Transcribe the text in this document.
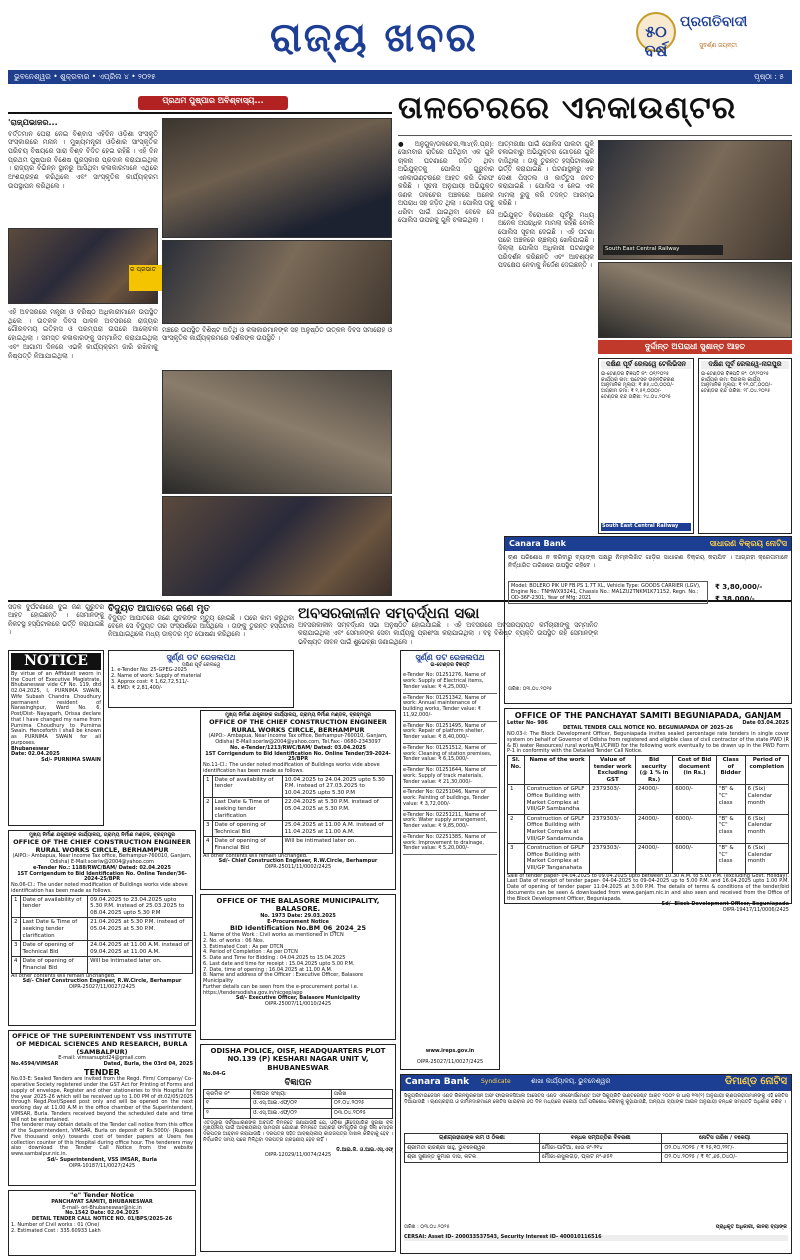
ରାଜ୍ୟ ଖବର	୫୦ ବର୍ଷ	ସୁବର୍ଣ୍ଣ ଜୟନ୍ତୀ
ପ୍ରଗତିବାଦୀ
ଭୁବନେଶ୍ୱର • ଶୁକ୍ରବାର • ଏପ୍ରିଲ ୪ • ୨୦୨୫	ପୃଷ୍ଠା : ୫
ପ୍ରଥମ ପୁଷ୍ପାର ଅବିଶ୍ବାସ୍ୟ...
'ରାଜ୍ଯଭାଜର...
ବର୍ତ୍ତମାନ ଘେରା ନେଇ ବିଶ୍ବାସ ଏହିଦିନ ଓଡ଼ିଶା ସଂସ୍କୃତି ସଂସ୍କାରରେ ମନାନ । ମୁଖ୍ୟମନ୍ତ୍ରୀ ଓଡ଼ିଶାର ସାଂସ୍କୃତିକ ପରିଚୟ ବିଷୟରେ ସାରା ବିଶ୍ବ ବିଦିତ ହେଇ ରହିଛି । ଏହି ଦିନ ପ୍ରଥମ ପୁଷ୍ପାର ବିଶେଷ ପୁରସ୍କାର ପ୍ରଦାନ କରାଯାଇଥିଲା । ରାଜ୍ୟର ବିଭିନ୍ନ ସ୍ଥାନରୁ ଆସିଥିବା କଳାକାରମାନେ ଏଥିରେ ଅଂଶଗ୍ରହଣ କରିଥିଲେ ଏବଂ ସାଂସ୍କୃତିକ କାର୍ଯ୍ୟକ୍ରମ ଉପସ୍ଥାପନ କରିଥିଲେ ।
ର ପ୍ରଭାତ
ଏହି ଅବସରରେ ମନ୍ତ୍ରୀ ଓ ବରିଷ୍ଠ ଅଧିକାରୀମାନେ ଉପସ୍ଥିତ ଥିଲେ । ଉତ୍କଳ ଦିବସ ପାଳନ ଅବସରରେ ରାଜ୍ୟର ଗୌରବମୟ ଇତିହାସ ଓ ପରମ୍ପରା ଉପରେ ଆଲୋଚନା ହୋଇଥିଲା । ସମସ୍ତ କଳାକାରଙ୍କୁ ସମ୍ମାନିତ କରାଯାଇଥିଲା ଏବଂ ଆଗାମୀ ଦିନରେ ଏଭଳି କାର୍ଯ୍ୟକ୍ରମ ଜାରି ରଖିବାକୁ ନିଷ୍ପତ୍ତି ନିଆଯାଇଥିଲା ।
ମଞ୍ଚରେ ଉପସ୍ଥିତ ବିଶିଷ୍ଟ ଅତିଥି ଓ କଳାକାରମାନଙ୍କ ସହ ଅନୁଷ୍ଠିତ ଉତ୍କଳ ଦିବସ ସମାରୋହ ଓ ସାଂସ୍କୃତିକ କାର୍ଯ୍ୟକ୍ରମରେ ଦର୍ଶକଙ୍କ ଉପସ୍ଥିତି ।
ତାଳଚେରରେ ଏନକାଉଣ୍ଟର
● ଅନୁଗୁଳ/ତାଳଚେର,୩ା୪(ନି.ପ୍ର): ସୋମବାର ରାତିରେ ଘଟିଥିବା ଏକ ଗୁଳି ଚାଳନା ଘଟଣାରେ ଜଡ଼ିତ ଥିବା ଅଭିଯୁକ୍ତକୁ ପୋଲିସ ଗୁରୁବାର ଏନକାଉଣ୍ଟରରେ ଆହତ କରି ଗିରଫ କରିଛି । ସୂଚନା ଅନୁଯାୟୀ ଅଭିଯୁକ୍ତ ଜଣକ ତାଳଚେର ଅଞ୍ଚଳରେ ଅନେକ ଅପରାଧ ସହ ଜଡ଼ିତ ଥିଲା । ପୋଲିସ ତାକୁ ଧରିବା ପାଇଁ ଯାଇଥିବା ବେଳେ ସେ ପୋଲିସ ଉପରକୁ ଗୁଳି ଚଳାଇଥିଲା ।
ଆତ୍ମରକ୍ଷା ପାଇଁ ପୋଲିସ ପାଲଟା ଗୁଳି ଚଳାଇବାରୁ ଅଭିଯୁକ୍ତର ଗୋଡ଼ରେ ଗୁଳି ବାଜିଥିଲା । ତାକୁ ତୁରନ୍ତ ହସ୍ପିଟାଲରେ ଭର୍ତ୍ତି କରାଯାଇଛି । ଘଟଣାସ୍ଥଳରୁ ଏକ ଦେଶୀ ପିସ୍ତଲ ଓ କାର୍ତ୍ତୁସ ଜବତ କରାଯାଇଛି । ପୋଲିସ ଏ ନେଇ ଏକ ମାମଲା ରୁଜୁ କରି ତଦନ୍ତ ଆରମ୍ଭ କରିଛି ।
ଅଭିଯୁକ୍ତ ବିରୋଧରେ ପୂର୍ବରୁ ମଧ୍ୟ ଅନେକ ଅପରାଧିକ ମାମଲା ରହିଛି ବୋଲି ପୋଲିସ ସୂଚନା ଦେଇଛି । ଏହି ଘଟଣା ପରେ ଅଞ୍ଚଳରେ ଚାଞ୍ଚଲ୍ୟ ଖେଳିଯାଇଛି । ଜିଲ୍ଲା ପୋଲିସ ଅଧିକାରୀ ଘଟଣାସ୍ଥଳ ପରିଦର୍ଶନ କରିଛନ୍ତି ଏବଂ ଆବଶ୍ୟକ ପଦକ୍ଷେପ ନେବାକୁ ନିର୍ଦ୍ଦେଶ ଦେଇଛନ୍ତି ।
South East Central Railway
ଦୁର୍ଦ୍ଦାନ୍ତ ଅପରାଧୀ ସୁଶାନ୍ତ ଆହତ
ଦକ୍ଷିଣ ପୂର୍ବ ରେଲୱେ ଟେଲିଭିସନ
ଇ-ଟେଣ୍ଡର ବିଜ୍ଞପ୍ତି ନଂ: ୦୧/୨୦୨୫
କାର୍ଯ୍ୟର ନାମ: ଷ୍ଟେସନ ଉନ୍ନତିକରଣ
ଆନୁମାନିକ ମୂଲ୍ୟ: ₹ ୭୫,୪୦,୦୦୦/-
ଅଗ୍ରୀମ ଜମା: ₹ ୧,୫୧,୦୦୦/-
ଟେଣ୍ଡର ବନ୍ଦ ତାରିଖ: ୨୪.୦୪.୨୦୨୫
South East Central Railway
ଦକ୍ଷିଣ ପୂର୍ବ ରେଲୱେ-ନାଗପୁର
ଇ-ଟେଣ୍ଡର ବିଜ୍ଞପ୍ତି ନଂ: ୦୨/୨୦୨୫
କାର୍ଯ୍ୟର ନାମ: ସିଗନାଲ କାର୍ଯ୍ୟ
ଆନୁମାନିକ ମୂଲ୍ୟ: ₹ ୧୨,୦୮,୦୦୦/-
ଟେଣ୍ଡର ବନ୍ଦ ତାରିଖ: ୨୮.୦୪.୨୦୨୫
ସଡ଼କ ଦୁର୍ଘଟଣାରେ ଦୁଇ ଜଣ ଗୁରୁତର ଆହତ ହୋଇଛନ୍ତି । ସେମାନଙ୍କୁ ନିକଟସ୍ଥ ହସ୍ପିଟାଲରେ ଭର୍ତ୍ତି କରାଯାଇଛି ।
ବିଦ୍ୟୁତ ଆଘାତରେ ଜଣେ ମୃତ
ବିଦ୍ୟୁତ ଆଘାତରେ ଜଣେ ଯୁବକଙ୍କ ମୃତ୍ୟୁ ହୋଇଛି । ଘରେ କାମ କରୁଥିବା ବେଳେ ସେ ବିଦ୍ୟୁତ ତାର ସଂସ୍ପର୍ଶରେ ଆସିଥିଲେ । ତାଙ୍କୁ ତୁରନ୍ତ ହସ୍ପିଟାଲ ନିଆଯାଇଥିଲେ ମଧ୍ୟ ଡାକ୍ତର ମୃତ ଘୋଷଣା କରିଥିଲେ ।
ଅବସରକାଳୀନ ସମ୍ବର୍ଦ୍ଧନା ସଭା
ଅବସରକାଳୀନ ସମ୍ବର୍ଦ୍ଧନା ସଭା ଅନୁଷ୍ଠିତ ହୋଇଯାଇଛି । ଏହି ଅବସରରେ ଅବସରପ୍ରାପ୍ତ କର୍ମଚାରୀଙ୍କୁ ସମ୍ମାନିତ କରାଯାଇଥିଲା ଏବଂ ସେମାନଙ୍କ ସେବା କାର୍ଯ୍ୟକୁ ପ୍ରଶଂସା କରାଯାଇଥିଲା । ବହୁ ବିଶିଷ୍ଟ ବ୍ୟକ୍ତି ଉପସ୍ଥିତ ରହି ସେମାନଙ୍କ ଭବିଷ୍ୟତ ଜୀବନ ପାଇଁ ଶୁଭେଚ୍ଛା ଜଣାଇଥିଲେ ।
Canara Bank	ସାଧାରଣ ବିକ୍ରୟ ନୋଟିସ
ଋଣ ପରିଶୋଧ ନ କରିବାରୁ ବ୍ୟାଙ୍କ ପକ୍ଷରୁ ନିମ୍ନଲିଖିତ ଗାଡ଼ିର ସାଧାରଣ ବିକ୍ରୟ କରାଯିବ । ଆଗ୍ରହୀ କ୍ରେତାମାନେ ନିର୍ଦ୍ଧାରିତ ତାରିଖରେ ଉପସ୍ଥିତ ରହିବେ ।
Model: BOLERO PIK UP FB PS 1.7T XL, Vehicle Type: GOODS CARRIER (LGV), Engine No.: TNHWX93241, Chassis No.: MA1ZU2TNKM1K71152, Regn. No.: OD-36F-2301, Year of Mfg: 2021
₹ 3,80,000/-
₹ 38,000/-
ତାରିଖ: ୦୩.୦୪.୨୦୨୫
NOTICE
By virtue of an Affidavit sworn in the Court of Executive Magistrate, Bhubaneswar vide CF No. 119, dtd 02.04.2025, I, PURNIMA SWAIN, Wife Subash Chandra Choudhury permanent resident of Narasinghpur, Ward No. 6, Post/Dist- Nayagarh, Orissa declare that I have changed my name from Purnima Choudhury to Purnima Swain. Henceforth I shall be known as PURNIMA SWAIN for all purposes.
Bhubaneswar
Date: 02.04.2025
Sd/- PURNIMA SWAIN
ସୁର୍ଣ୍ଣ ଡଟ ରେଜଲପଥ
ଦକ୍ଷିଣ ପୂର୍ବ ରେଲୱେ
1. e-Tender No: 25-GPEG-2025
2. Name of work: Supply of material
3. Approx cost: ₹ 1,62,72,511/-
4. EMD: ₹ 2,81,400/-
ମୁଖ୍ୟ ନିର୍ମାଣ ଯନ୍ତ୍ରୀଙ୍କ କାର୍ଯ୍ୟାଳୟ, ଗ୍ରାମ୍ୟ ନିର୍ମାଣ ମଣ୍ଡଳ, ବ୍ରହ୍ମପୁର
OFFICE OF THE CHIEF CONSTRUCTION ENGINEER RURAL WORKS CIRCLE, BERHAMPUR
(AIPO:- Ambapua, Near Income Tax office, Berhampur-760010, Ganjam, Odisha) E-Mail:scerlw@2004@yahoo.com, Tel.Fax:- 0680-2343097
No. e-Tender/1213/RWC/BAM/ Dated: 03.04.2025
1ST Corrigendum to Bid Identification No. Online Tender/39-2024-25/BPR
No.11-Cl.: The under noted modification of Buildings works vide above identification has been made as follows.
1	Date of availability of tender	10.04.2025 to 24.04.2025 upto 5.30 P.M. instead of 27.03.2025 to 10.04.2025 upto 5.30 P.M
2	Last Date & Time of seeking tender clarification	22.04.2025 at 5.30 P.M. instead of 05.04.2025 at 5.30 P.M.
3	Date of opening of Technical Bid	25.04.2025 at 11.00 A.M. instead of 11.04.2025 at 11.00 A.M.
4	Date of opening of Financial Bid	Will be intimated later on.
All other contents will remain unchanged.
Sd/- Chief Construction Engineer, R.W.Circle, Berhampur
OIPR-25011/11/0002/2425
ସୁର୍ଣ୍ଣ ଡଟ ରେଜଲପଥ
ଇ-ଟେଣ୍ଡର ବିଜ୍ଞପ୍ତି
e-Tender No: 01251276, Name of work: Supply of Electrical items, Tender value: ₹ 4,25,000/-
e-Tender No: 01251342, Name of work: Annual maintenance of building works, Tender value: ₹ 11,92,000/-
e-Tender No: 01251495, Name of work: Repair of platform shelter, Tender value: ₹ 8,40,000/-
e-Tender No: 01251512, Name of work: Cleaning of station premises, Tender value: ₹ 6,15,000/-
e-Tender No: 01251644, Name of work: Supply of track materials, Tender value: ₹ 21,30,000/-
e-Tender No: 02251046, Name of work: Painting of buildings, Tender value: ₹ 3,72,000/-
e-Tender No: 02251211, Name of work: Water supply arrangement, Tender value: ₹ 9,85,000/-
e-Tender No: 02251385, Name of work: Improvement to drainage, Tender value: ₹ 5,20,000/-
www.ireps.gov.in
OIPR-25027/11/0027/2425
ମୁଖ୍ୟ ନିର୍ମାଣ ଯନ୍ତ୍ରୀଙ୍କ କାର୍ଯ୍ୟାଳୟ, ଗ୍ରାମ୍ୟ ନିର୍ମାଣ ମଣ୍ଡଳ, ବ୍ରହ୍ମପୁର
OFFICE OF THE CHIEF CONSTRUCTION ENGINEER RURAL WORKS CIRCLE, BERHAMPUR
(AIPO:- Ambapua, Near Income Tax office, Berhampur-760010, Ganjam, Odisha) E-Mail:scerlw@2004@yahoo.com
e-Tender No.: 1188/RWC/BAM/ Dated: 02.04.2025
1ST Corrigendum to Bid Identification No. Online Tender/36-2024-25/BPR
No.06-Cl.: The under noted modification of Buildings works vide above identification has been made as follows.
1	Date of availability of tender	09.04.2025 to 23.04.2025 upto 5.30 P.M. instead of 25.03.2025 to 08.04.2025 upto 5.30 P.M
2	Last Date & Time of seeking tender clarification	21.04.2025 at 5.30 P.M. instead of 05.04.2025 at 5.30 P.M.
3	Date of opening of Technical Bid	24.04.2025 at 11.00 A.M. instead of 09.04.2025 at 11.00 A.M.
4	Date of opening of Financial Bid	Will be intimated later on.
All other contents will remain unchanged.
Sd/- Chief Construction Engineer, R.W.Circle, Berhampur
OIPR-25027/11/0027/2425
OFFICE OF THE BALASORE MUNICIPALITY, BALASORE.
No. 1973 Date: 29.03.2025
E-Procurement Notice
BID Identification No.BM_06_2024_25
1. Name of the Work : Civil works as mentioned in DTCN
2. No. of works : 06 Nos.
3. Estimated Cost : As per DTCN
4. Period of Completion : As per DTCN
5. Date and Time for Bidding : 04.04.2025 to 15.04.2025
6. Last date and time for receipt : 15.04.2025 upto 5.00 P.M.
7. Date, time of opening : 16.04.2025 at 11.00 A.M.
8. Name and address of the Officer : Executive Officer, Balasore Municipality
Further details can be seen from the e-procurement portal i.e. https://tendersodisha.gov.in/nicgep/app
Sd/- Executive Officer, Balasore Municipality
OIPR-25007/11/0010/2425
OFFICE OF THE PANCHAYAT SAMITI BEGUNIAPADA, GANJAM
Letter No- 986	Date 03.04.2025
DETAIL TENDER CALL NOTICE NO. BEGUNIAPADA OF 2025-26
NO.03-I: The Block Development Officer, Beguniapada invites sealed percentage rate tenders in single cover system on behalf of Governor of Odisha from registered and eligible class of civil contractor of the state PWD (R & B) water Resources/ rural works/M.I/CPWD for the following work eventually to be drawn up in the PWD Form P-1 in conformity with the Detailed Tender Call Notice.
Sl. No.	Name of the work	Value of tender work Excluding GST	Bid security (@ 1 % in Rs.)	Cost of Bid document (in Rs.)	Class of Bidder	Period of completion
1	Construction of GPLF Office Building with Market Complex at VIII/GP Sambandha	2379303/-	24000/-	6000/-	"B" & "C" class	6 (Six) Calendar month
2	Construction of GPLF Office Building with Market Complex at VIII/GP Sandamunda	2379303/-	24000/-	6000/-	"B" & "C" class	6 (Six) Calendar month
3	Construction of GPLF Office Building with Market Complex at VIII/GP Tanganahata	2379303/-	24000/-	6000/-	"B" & "C" class	6 (Six) Calendar month
Sale of tender paper- 04.04.2025 to 09.04.2025 upto between 10.30 A.M. to 5.00 P.M. (excluding Govt. Holiday). Last Date of receipt of tender paper- 04-04-2025 to 09-04-2025 up to 5.00 P.M. and 16.04.2025 upto 1.00 P.M. Date of opening of tender paper 11.04.2025 at 3.00 P.M. The details of terms & conditions of the tender/bid documents can be seen & downloaded from www.ganjam.nic.in and also seen and received from the Office of the Block Development Officer, Beguniapada.
Sd/- Block Development Officer, Beguniapada
OIPR-19417/11/0006/2425
OFFICE OF THE SUPERINTENDENT VSS INSTITUTE OF MEDICAL SCIENCES AND RESEARCH, BURLA (SAMBALPUR)
E-mail: vimsarsuptd24@gmail.com
No.4594/VIMSAR	Dated, Burla, the 03rd 04, 2025
TENDER
No.03-E: Sealed Tenders are invited from the Regd. Firm/ Company/ Co-operative Society registered under the GST Act for Printing of Forms and supply of envelope, Register and other stationeries to this Hospital for the year 2025-26 which will be received up to 1.00 PM of dt.02/05/2025 through Regd.Post/Speed post only and will be opened on the next working day at 11.00 A.M in the office chamber of the Superintendent, VIMSAR, Burla. Tenders received beyond the scheduled date and time will not be entertained.
The tenderer may obtain details of the Tender call notice from this office of the Superintendent, VIMSAR, Burla on deposit of Rs.5000/- (Rupees Five thousand only) towards cost of tender papers at Users fee collection counter of this Hospital during office hour. The tenderers may also download the Tender Call Notice from the website www.sambalpur.nic.in.
Sd/- Superintendent, VSS IMSAR, Burla
OIPR-10187/11/0027/2425
ODISHA POLICE, OISF, HEADQUARTERS PLOT NO.139 (P) KESHARI NAGAR UNIT V, BHUBANESWAR
No.04-G
ବିଜ୍ଞାପନ
କ୍ରମିକ ନଂ	ବିଜ୍ଞାପନ ସଂଖ୍ୟା	ତାରିଖ
୧	ଓ.ଏସ୍.ଆଇ.ଏଫ୍/୦୧	୦୨.୦୪.୨୦୨୫
୨	ଓ.ଏସ୍.ଆଇ.ଏଫ୍/୦୨	୦୩.୦୪.୨୦୨୫
ଏତଦ୍ୱାରା ସର୍ବସାଧାରଣଙ୍କ ଅବଗତି ନିମନ୍ତେ ଜଣାଯାଉଛି ଯେ, ଓଡ଼ିଶା ଔଦ୍ୟୋଗିକ ସୁରକ୍ଷା ବଳ ମୁଖ୍ୟାଳୟ ପାଇଁ ଆବଶ୍ୟକୀୟ ସାମଗ୍ରୀ ଯୋଗାଣ ନିମନ୍ତେ ଆଗ୍ରହୀ ଫର୍ମଗୁଡ଼ିକ ଠାରୁ ସିଲ୍ ମୋହର ଦରପତ୍ର ଆହ୍ବାନ କରାଯାଉଛି । ଦରପତ୍ର ସହିତ ଆବଶ୍ୟକୀୟ କାଗଜପତ୍ର ଦାଖଲ କରିବାକୁ ହେବ । ନିର୍ଦ୍ଧାରିତ ସମୟ ପରେ ମିଳିଥିବା ଦରପତ୍ର ଗ୍ରହଣୀୟ ହେବ ନାହିଁ ।
ଡି.ଆଇ.ଜି. ଓ.ଆଇ.ଏସ୍.ଏଫ୍
OIPR-12029/11/0074/2425
"e" Tender Notice
PANCHAYAT SAMITI, BHUBANESWAR
E-mail- ori-Bhubaneswar@nic.in
No.1542 Date: 02.04.2025
DETAIL TENDER CALL NOTICE NO. 01/BPS/2025-26
1. Number of Civil works : 01 (One)
2. Estimated Cost : 335.60933 Lakh
Canara Bank Syndicate	ଶାଖା କାର୍ଯ୍ୟାଳୟ, ଭୁବନେଶ୍ୱର	ଡିମାଣ୍ଡ ନୋଟିସ
ସିକ୍ୟୁରିଟାଇଜେସନ ଏଣ୍ଡ ରିକନଷ୍ଟ୍ରକସନ ଅଫ ଫାଇନାନସିଆଲ ଆସେଟସ ଏଣ୍ଡ ଏନଫୋର୍ସମେଣ୍ଟ ଅଫ ସିକ୍ୟୁରିଟି ଇଣ୍ଟରେଷ୍ଟ ଆକ୍ଟ ୨୦୦୨ ର ଧାରା ୧୩(୨) ଅନୁଯାୟୀ ଋଣଗ୍ରହୀତାମାନଙ୍କୁ ଏହି ନୋଟିସ ଦିଆଯାଉଛି । ଋଣଗ୍ରହୀତା ଓ ଜାମିନଦାରମାନେ ନୋଟିସ ପାଇବାର ୬୦ ଦିନ ମଧ୍ୟରେ ବକେୟା ଅର୍ଥ ପରିଶୋଧ କରିବାକୁ କୁହାଯାଉଛି, ଅନ୍ୟଥା ବ୍ୟାଙ୍କ ଆଇନ ଅନୁଯାୟୀ ବନ୍ଧକ ସମ୍ପତ୍ତି ଅଧିକାର କରିବ ।
ଋଣଗ୍ରହୀତାଙ୍କ ନାମ ଓ ଠିକଣା	ବନ୍ଧକ ସମ୍ପତ୍ତିର ବିବରଣୀ	ନୋଟିସ ତାରିଖ / ବକେୟା
ଶ୍ରୀମତୀ ରାଜଶ୍ରୀ ସାହୁ, ଭୁବନେଶ୍ୱର	ମୌଜା-ପାଟିଆ, ଖାତା ନଂ-୨୧୪	୦୨.୦୪.୨୦୨୫ / ₹ ୨୫,୧୦,୨୨୮/-
ଶ୍ରୀ ସୁଶାନ୍ତ କୁମାର ଦାସ, କଟକ	ମୌଜା-ରସୁଲଗଡ଼, ପ୍ଲଟ ନଂ-୬୫୧	୦୨.୦୪.୨୦୨୫ / ₹ ୧୮,୬୫,୦୪୦/-
ତାରିଖ : ୦୩.୦୪.୨୦୨୫
CERSAI: Asset ID- 200033537543, Security Interest ID- 400010116516
ପ୍ରାଧିକୃତ ଅଧିକାରୀ, କାନରା ବ୍ୟାଙ୍କ
